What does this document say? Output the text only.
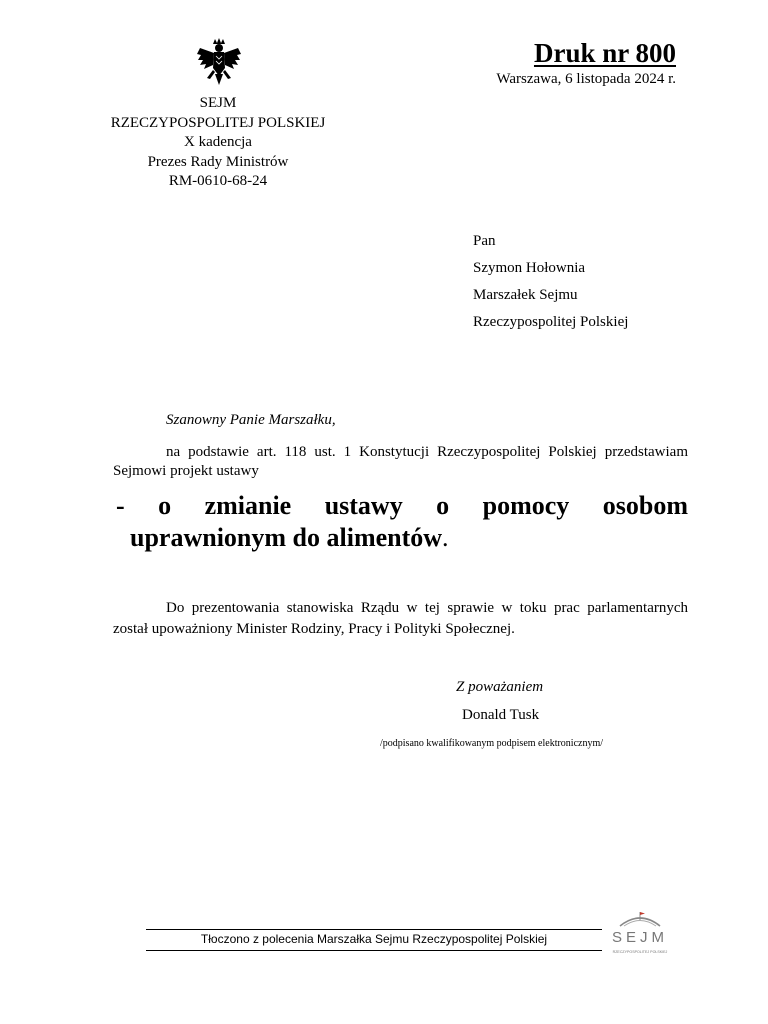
SEJM
RZECZYPOSPOLITEJ POLSKIEJ
X kadencja
Prezes Rady Ministrów
RM-0610-68-24
Druk nr 800
Warszawa, 6 listopada 2024 r.
Pan
Szymon Hołownia
Marszałek Sejmu
Rzeczypospolitej Polskiej
Szanowny Panie Marszałku,
na podstawie art. 118 ust. 1 Konstytucji Rzeczypospolitej Polskiej przedstawiam Sejmowi projekt ustawy
- o zmianie ustawy o pomocy osobom
uprawnionym do alimentów.
Do prezentowania stanowiska Rządu w tej sprawie w toku prac parlamentarnych został upoważniony Minister Rodziny, Pracy i Polityki Społecznej.
Z poważaniem
Donald Tusk
/podpisano kwalifikowanym podpisem elektronicznym/
Tłoczono z polecenia Marszałka Sejmu Rzeczypospolitej Polskiej	SEJM
RZECZYPOSPOLITEJ POLSKIEJ
